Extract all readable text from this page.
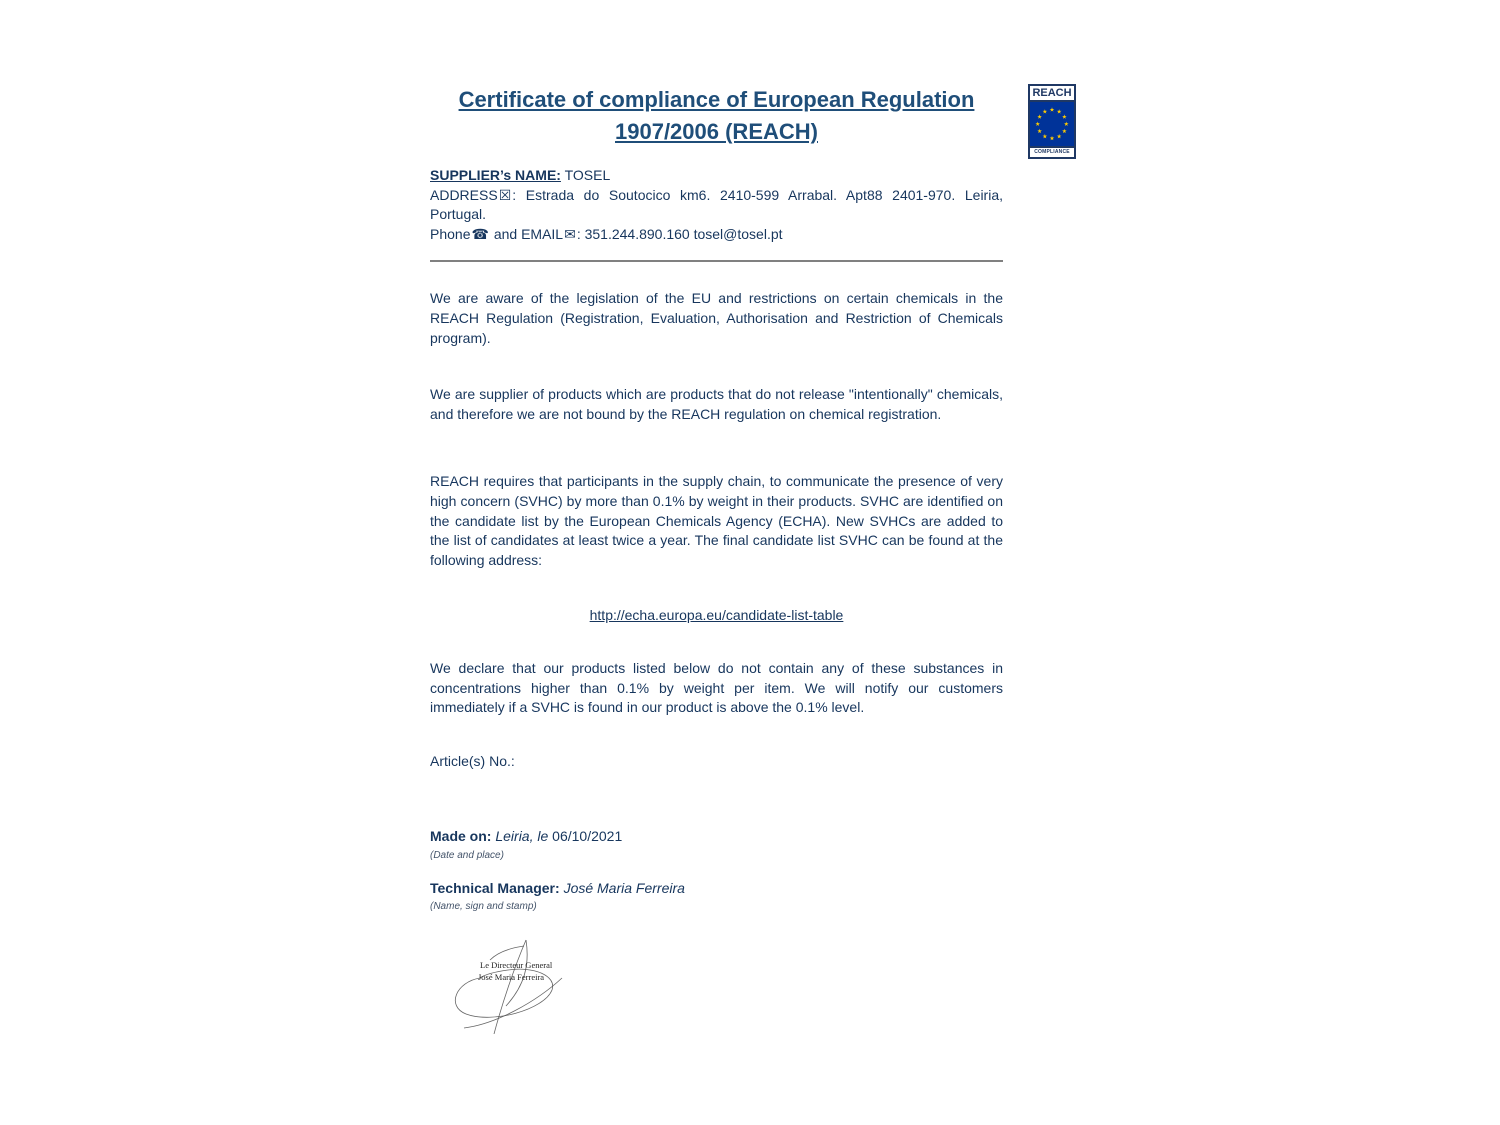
REACH
COMPLIANCE
Certificate of compliance of European Regulation
1907/2006 (REACH)

SUPPLIER’s NAME: TOSEL

ADDRESS☒: Estrada do Soutocico km6. 2410-599 Arrabal. Apt88 2401-970. Leiria, Portugal.

Phone☎ and EMAIL✉: 351.244.890.160 tosel@tosel.pt

We are aware of the legislation of the EU and restrictions on certain chemicals in the REACH Regulation (Registration, Evaluation, Authorisation and Restriction of Chemicals program).

We are supplier of products which are products that do not release "intentionally" chemicals, and therefore we are not bound by the REACH regulation on chemical registration.

REACH requires that participants in the supply chain, to communicate the presence of very high concern (SVHC) by more than 0.1% by weight in their products. SVHC are identified on the candidate list by the European Chemicals Agency (ECHA). New SVHCs are added to the list of candidates at least twice a year. The final candidate list SVHC can be found at the following address:

http://echa.europa.eu/candidate-list-table

We declare that our products listed below do not contain any of these substances in concentrations higher than 0.1% by weight per item. We will notify our customers immediately if a SVHC is found in our product is above the 0.1% level.

Article(s) No.:

Made on: Leiria, le 06/10/2021

(Date and place)

Technical Manager: José Maria Ferreira

(Name, sign and stamp)

Le Directeur General
José Maria Ferreira
